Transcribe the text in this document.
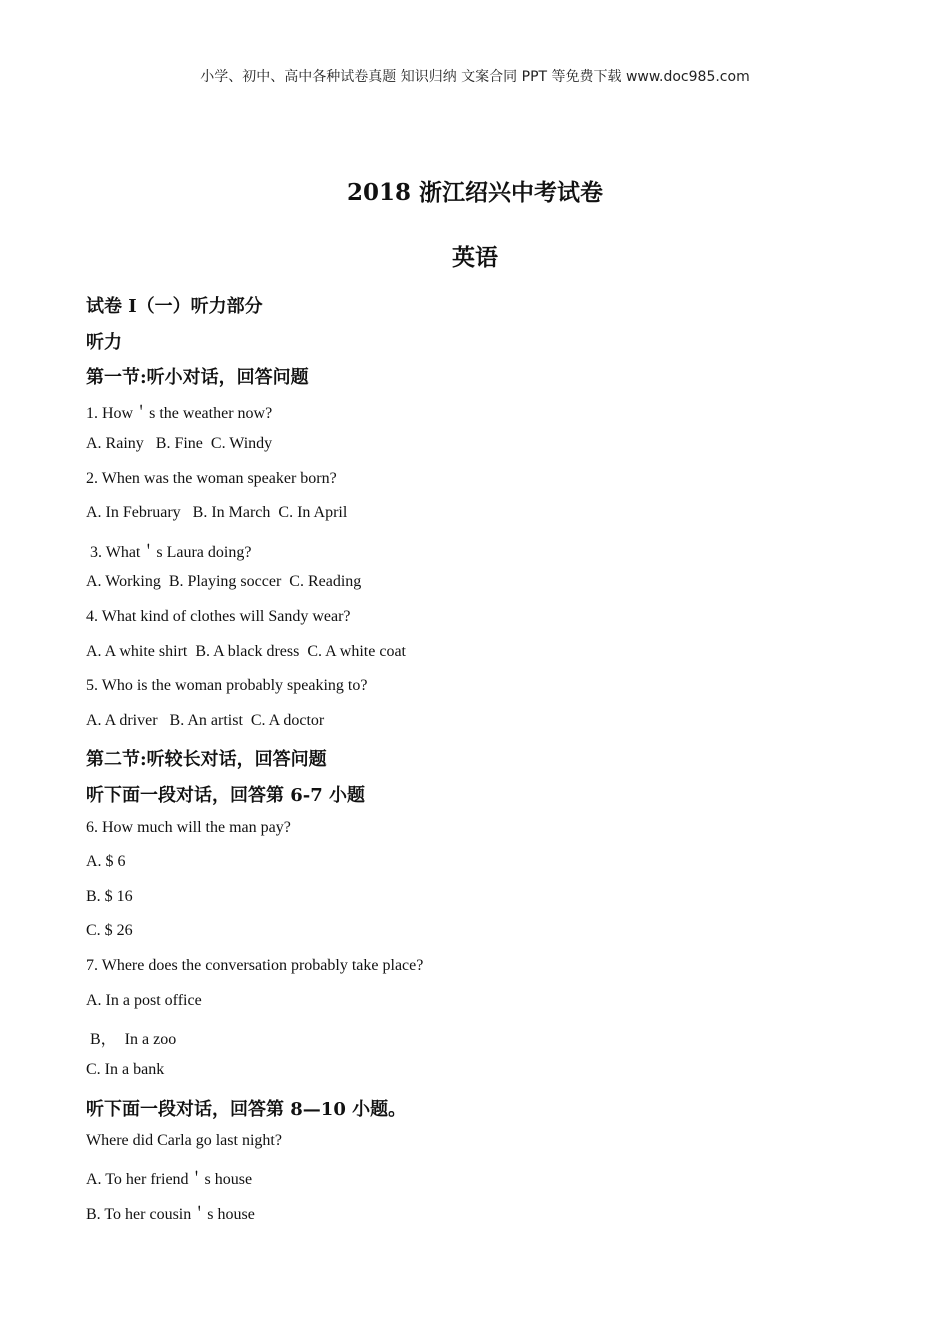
小学、初中、高中各种试卷真题 知识归纳 文案合同 PPT 等免费下载 www.doc985.com
2018 浙江绍兴中考试卷
英语
试卷 I（一）听力部分
听力
第一节:听小对话，回答问题
1. How＇s the weather now?
A. Rainy   B. Fine  C. Windy
2. When was the woman speaker born?
A. In February   B. In March  C. In April
3. What＇s Laura doing?
A. Working  B. Playing soccer  C. Reading
4. What kind of clothes will Sandy wear?
A. A white shirt  B. A black dress  C. A white coat
5. Who is the woman probably speaking to?
A. A driver   B. An artist  C. A doctor
第二节:听较长对话，回答问题
听下面一段对话，回答第 6-7 小题
6. How much will the man pay?
A. $ 6
B. $ 16
C. $ 26
7. Where does the conversation probably take place?
A. In a post office
B，  In a zoo
C. In a bank
听下面一段对话，回答第 8—10 小题。
Where did Carla go last night?
A. To her friend＇s house
B. To her cousin＇s house
